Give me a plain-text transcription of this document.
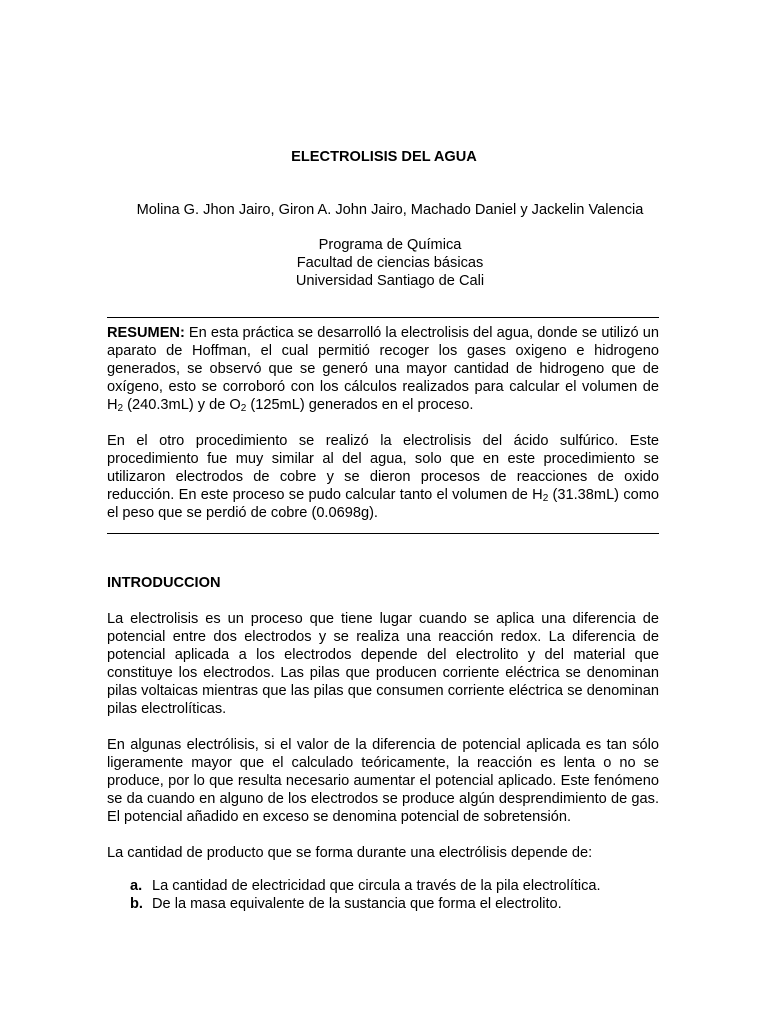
ELECTROLISIS DEL AGUA
Molina G. Jhon Jairo, Giron A. John Jairo, Machado Daniel y Jackelin Valencia
Programa de Química
Facultad de ciencias básicas
Universidad Santiago de Cali
RESUMEN: En esta práctica se desarrolló la electrolisis del agua, donde se utilizó un aparato de Hoffman, el cual permitió recoger los gases oxigeno e hidrogeno generados, se observó que se generó una mayor cantidad de hidrogeno que de oxígeno, esto se corroboró con los cálculos realizados para calcular el volumen de $H_2$ (240.3mL) y de $O_2$ (125mL) generados en el proceso.
En el otro procedimiento se realizó la electrolisis del ácido sulfúrico. Este procedimiento fue muy similar al del agua, solo que en este procedimiento se utilizaron electrodos de cobre y se dieron procesos de reacciones de oxido reducción. En este proceso se pudo calcular tanto el volumen de $H_2$ (31.38mL) como el peso que se perdió de cobre (0.0698g).
INTRODUCCION
La electrolisis es un proceso que tiene lugar cuando se aplica una diferencia de potencial entre dos electrodos y se realiza una reacción redox. La diferencia de potencial aplicada a los electrodos depende del electrolito y del material que constituye los electrodos. Las pilas que producen corriente eléctrica se denominan pilas voltaicas mientras que las pilas que consumen corriente eléctrica se denominan pilas electrolíticas.
En algunas electrólisis, si el valor de la diferencia de potencial aplicada es tan sólo ligeramente mayor que el calculado teóricamente, la reacción es lenta o no se produce, por lo que resulta necesario aumentar el potencial aplicado. Este fenómeno se da cuando en alguno de los electrodos se produce algún desprendimiento de gas. El potencial añadido en exceso se denomina potencial de sobretensión.
La cantidad de producto que se forma durante una electrólisis depende de:
a. La cantidad de electricidad que circula a través de la pila electrolítica.
b. De la masa equivalente de la sustancia que forma el electrolito.
